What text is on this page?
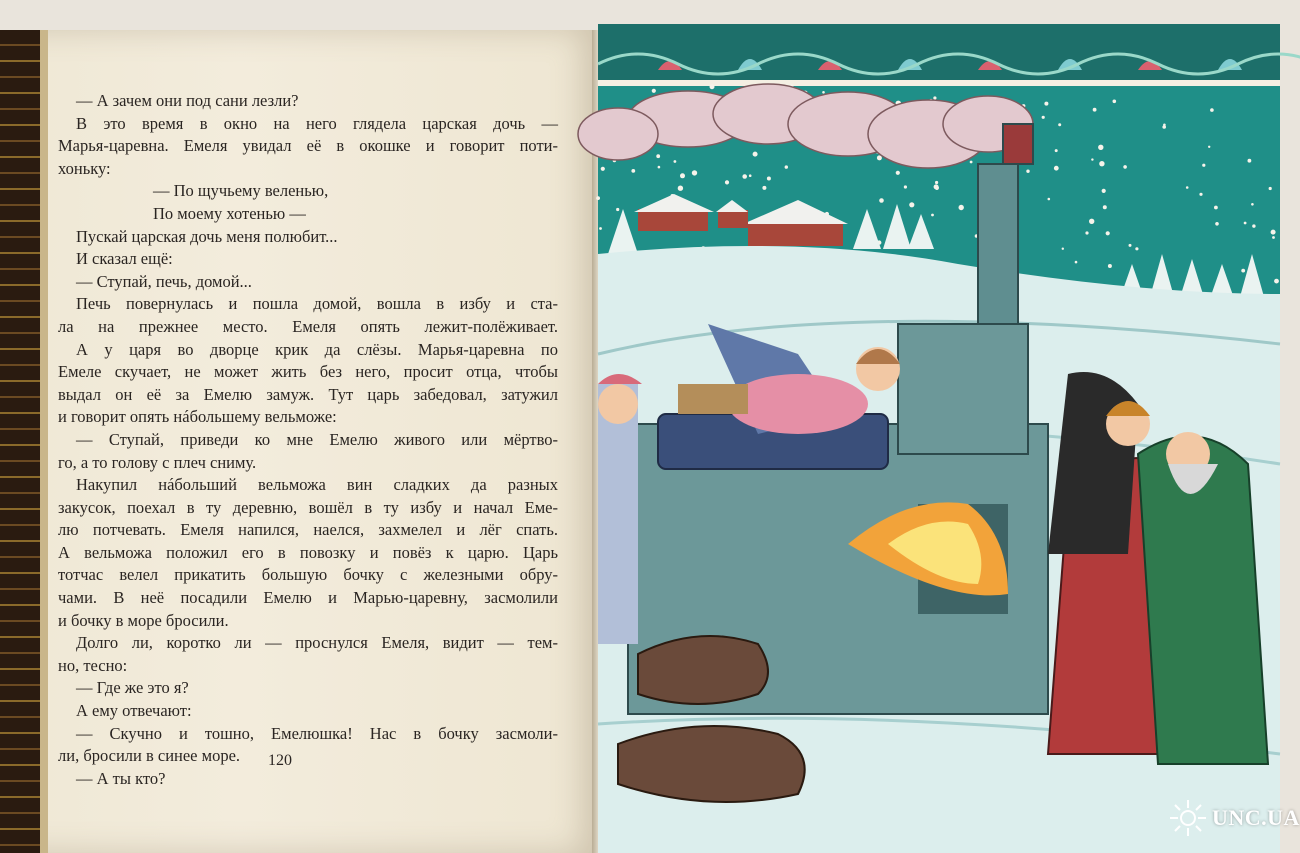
— А зачем они под сани лезли?
В это время в окно на него глядела царская дочь —
Марья-царевна. Емеля увидал её в окошке и говорит поти-
хоньку:
— По щучьему веленью,
По моему хотенью —
Пускай царская дочь меня полюбит...
И сказал ещё:
— Ступай, печь, домой...
Печь повернулась и пошла домой, вошла в избу и ста-
ла на прежнее место. Емеля опять лежит-полёживает.
А у царя во дворце крик да слёзы. Марья-царевна по
Емеле скучает, не может жить без него, просит отца, чтобы
выдал он её за Емелю замуж. Тут царь забедовал, затужил
и говорит опять нáбольшему вельможе:
— Ступай, приведи ко мне Емелю живого или мёртво-
го, а то голову с плеч сниму.
Накупил нáбольший вельможа вин сладких да разных
закусок, поехал в ту деревню, вошёл в ту избу и начал Еме-
лю потчевать. Емеля напился, наелся, захмелел и лёг спать.
А вельможа положил его в повозку и повёз к царю. Царь
тотчас велел прикатить большую бочку с железными обру-
чами. В неё посадили Емелю и Марью-царевну, засмолили
и бочку в море бросили.
Долго ли, коротко ли — проснулся Емеля, видит — тем-
но, тесно:
— Где же это я?
А ему отвечают:
— Скучно и тошно, Емелюшка! Нас в бочку засмоли-
ли, бросили в синее море.
— А ты кто?
120
UNC.UA
